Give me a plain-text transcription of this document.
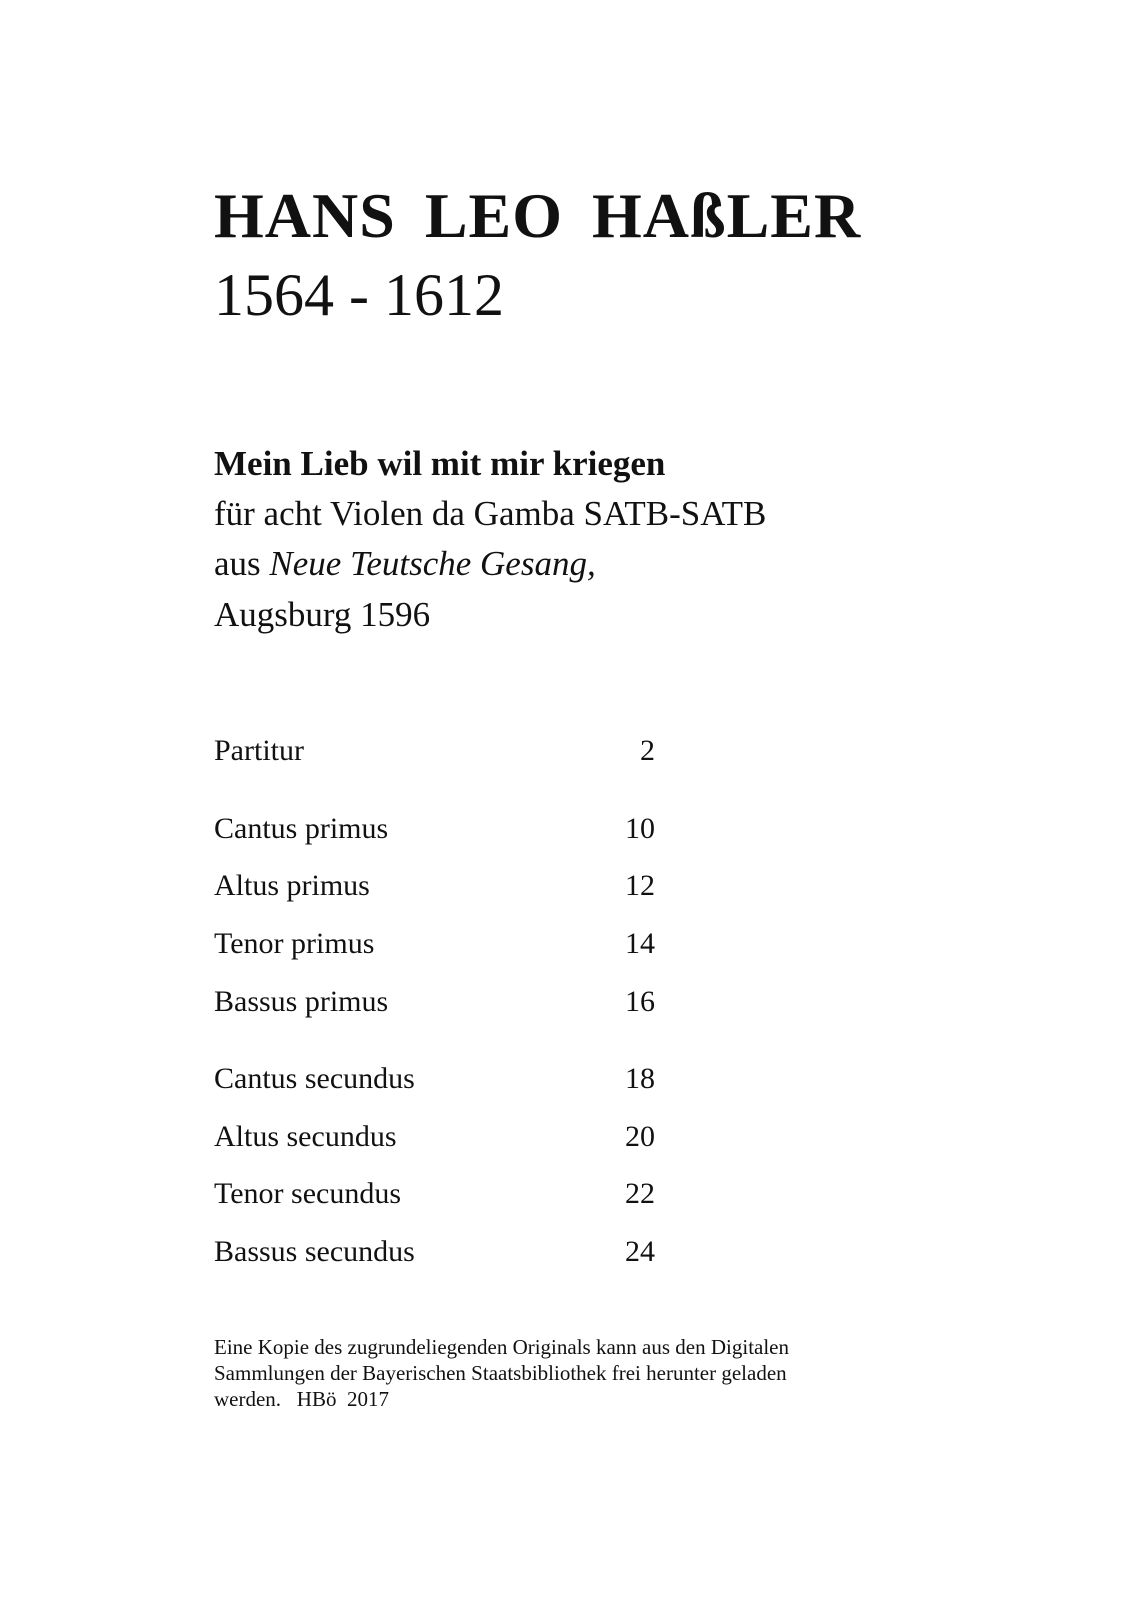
HANS LEO HAßLER
1564 - 1612
Mein Lieb wil mit mir kriegen
für acht Violen da Gamba SATB-SATB
aus Neue Teutsche Gesang,
Augsburg 1596
Partitur	2
Cantus primus	10
Altus primus	12
Tenor primus	14
Bassus primus	16
Cantus secundus	18
Altus secundus	20
Tenor secundus	22
Bassus secundus	24
Eine Kopie des zugrundeliegenden Originals kann aus den Digitalen
Sammlungen der Bayerischen Staatsbibliothek frei herunter geladen
werden.   HBö  2017
